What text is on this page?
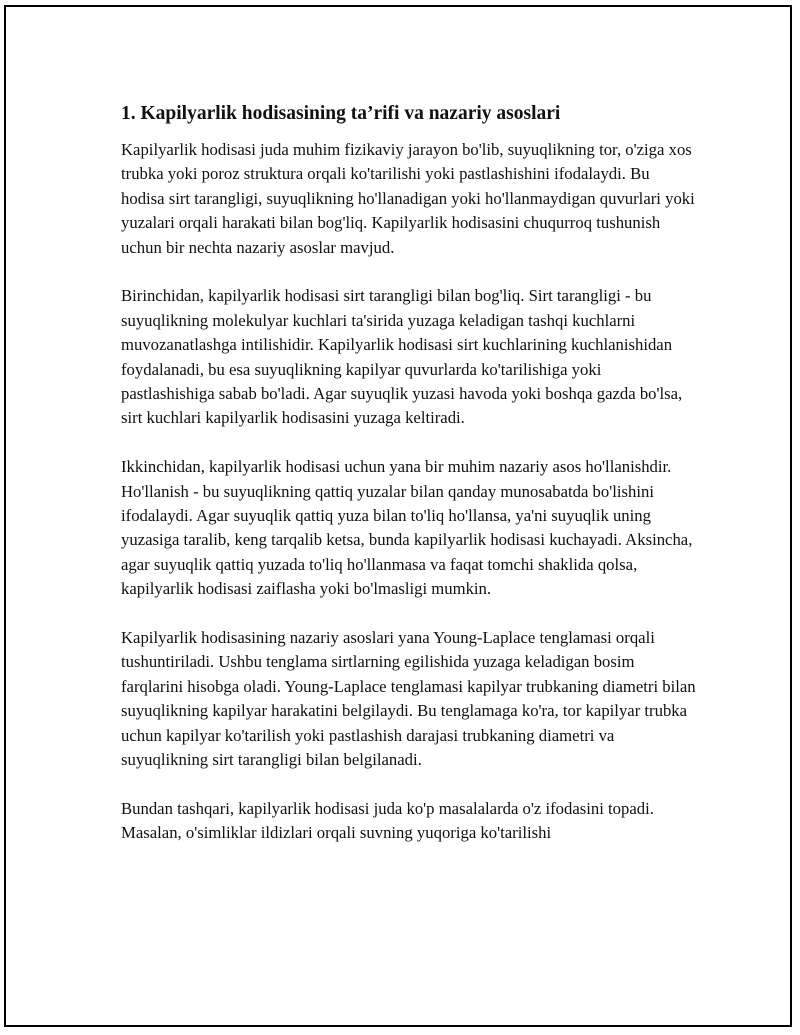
1. Kapilyarlik hodisasining ta’rifi va nazariy asoslari

Kapilyarlik hodisasi juda muhim fizikaviy jarayon bo'lib, suyuqlikning tor, o'ziga xos trubka yoki poroz struktura orqali ko'tarilishi yoki pastlashishini ifodalaydi. Bu hodisa sirt tarangligi, suyuqlikning ho'llanadigan yoki ho'llanmaydigan quvurlari yoki yuzalari orqali harakati bilan bog'liq. Kapilyarlik hodisasini chuqurroq tushunish uchun bir nechta nazariy asoslar mavjud.

Birinchidan, kapilyarlik hodisasi sirt tarangligi bilan bog'liq. Sirt tarangligi - bu suyuqlikning molekulyar kuchlari ta'sirida yuzaga keladigan tashqi kuchlarni muvozanatlashga intilishidir. Kapilyarlik hodisasi sirt kuchlarining kuchlanishidan foydalanadi, bu esa suyuqlikning kapilyar quvurlarda ko'tarilishiga yoki pastlashishiga sabab bo'ladi. Agar suyuqlik yuzasi havoda yoki boshqa gazda bo'lsa, sirt kuchlari kapilyarlik hodisasini yuzaga keltiradi.

Ikkinchidan, kapilyarlik hodisasi uchun yana bir muhim nazariy asos ho'llanishdir. Ho'llanish - bu suyuqlikning qattiq yuzalar bilan qanday munosabatda bo'lishini ifodalaydi. Agar suyuqlik qattiq yuza bilan to'liq ho'llansa, ya'ni suyuqlik uning yuzasiga taralib, keng tarqalib ketsa, bunda kapilyarlik hodisasi kuchayadi. Aksincha, agar suyuqlik qattiq yuzada to'liq ho'llanmasa va faqat tomchi shaklida qolsa, kapilyarlik hodisasi zaiflasha yoki bo'lmasligi mumkin.

Kapilyarlik hodisasining nazariy asoslari yana Young-Laplace tenglamasi orqali tushuntiriladi. Ushbu tenglama sirtlarning egilishida yuzaga keladigan bosim farqlarini hisobga oladi. Young-Laplace tenglamasi kapilyar trubkaning diametri bilan suyuqlikning kapilyar harakatini belgilaydi. Bu tenglamaga ko'ra, tor kapilyar trubka uchun kapilyar ko'tarilish yoki pastlashish darajasi trubkaning diametri va suyuqlikning sirt tarangligi bilan belgilanadi.

Bundan tashqari, kapilyarlik hodisasi juda ko'p masalalarda o'z ifodasini topadi. Masalan, o'simliklar ildizlari orqali suvning yuqoriga ko'tarilishi
